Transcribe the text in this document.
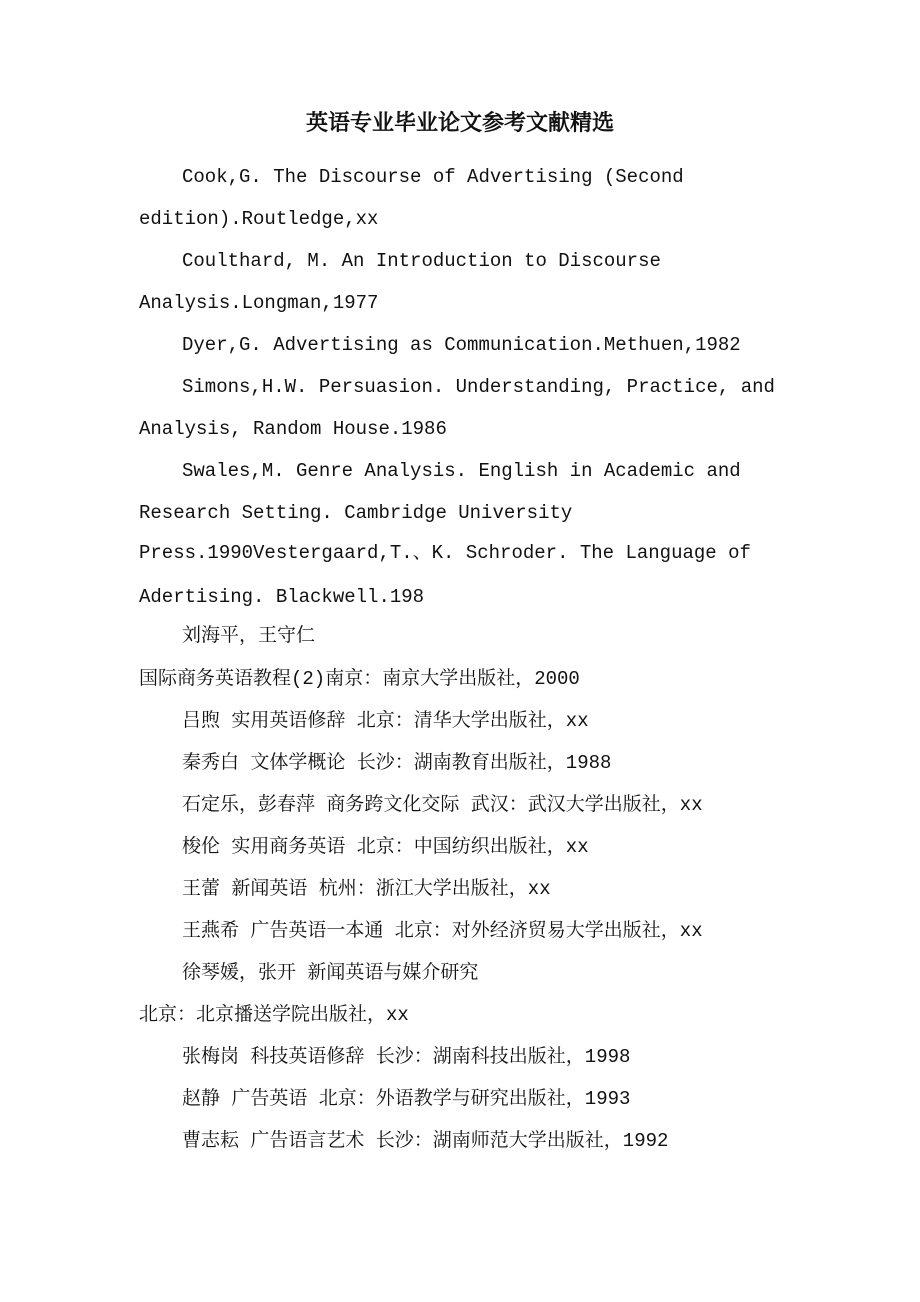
英语专业毕业论文参考文献精选
Cook,G. The Discourse of Advertising (Second
edition).Routledge,xx
Coulthard, M. An Introduction to Discourse
Analysis.Longman,1977
Dyer,G. Advertising as Communication.Methuen,1982
Simons,H.W. Persuasion. Understanding, Practice, and
Analysis, Random House.1986
Swales,M. Genre Analysis. English in Academic and
Research Setting. Cambridge University
Press.1990Vestergaard,T.、K. Schroder. The Language of
Adertising. Blackwell.198
刘海平，王守仁
国际商务英语教程(2)南京：南京大学出版社，2000
吕煦 实用英语修辞 北京：清华大学出版社，xx
秦秀白 文体学概论 长沙：湖南教育出版社，1988
石定乐，彭春萍 商务跨文化交际 武汉：武汉大学出版社，xx
梭伦 实用商务英语 北京：中国纺织出版社，xx
王蕾 新闻英语 杭州：浙江大学出版社，xx
王燕希 广告英语一本通 北京：对外经济贸易大学出版社，xx
徐琴媛，张开 新闻英语与媒介研究
北京：北京播送学院出版社，xx
张梅岗 科技英语修辞 长沙：湖南科技出版社，1998
赵静 广告英语 北京：外语教学与研究出版社，1993
曹志耘 广告语言艺术 长沙：湖南师范大学出版社，1992
